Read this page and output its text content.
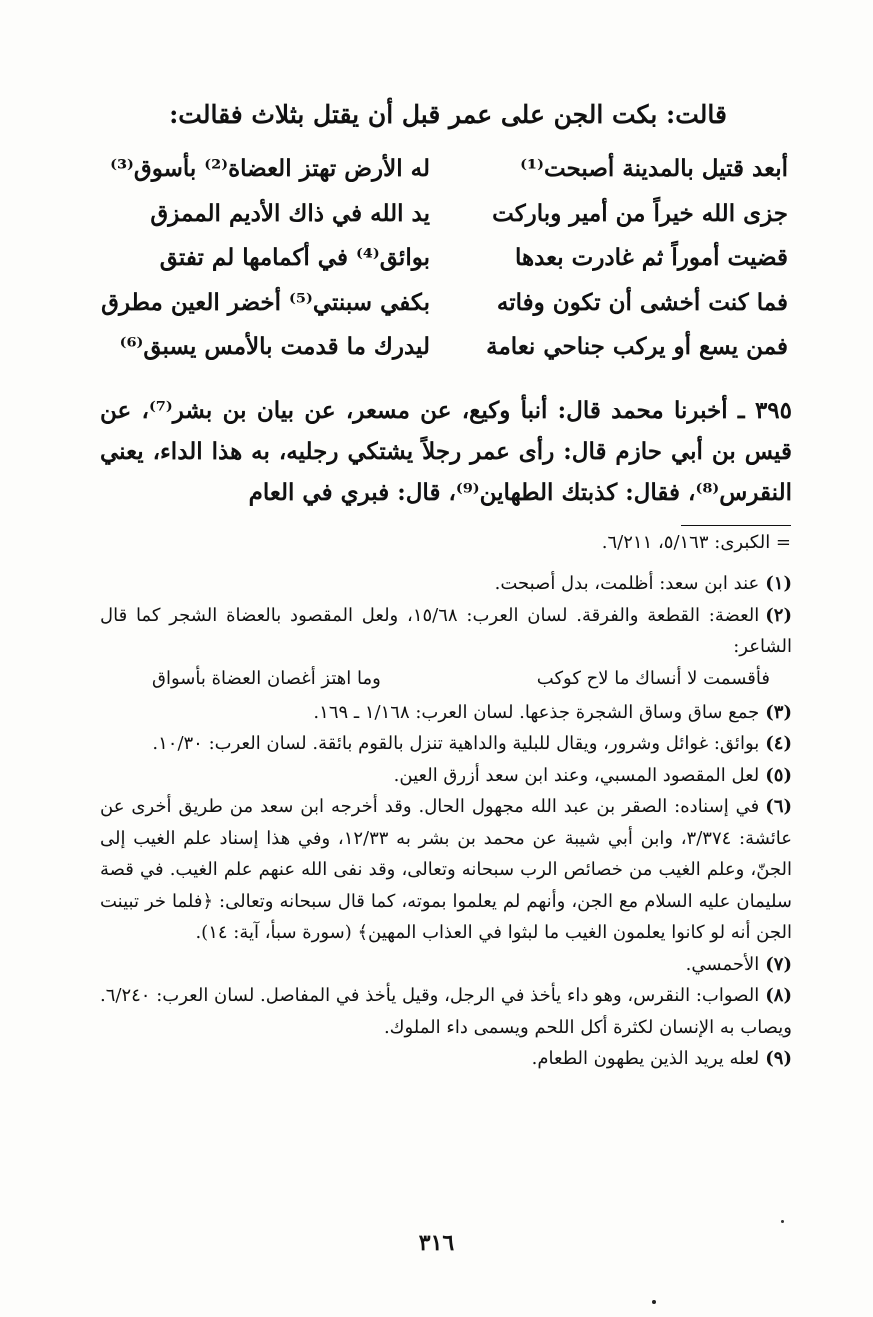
قالت: بكت الجن على عمر قبل أن يقتل بثلاث فقالت:
أبعد قتيل بالمدينة أصبحت⁽¹⁾
له الأرض تهتز العضاة⁽²⁾ بأسوق⁽³⁾
جزى الله خيراً من أمير وباركت
يد الله في ذاك الأديم الممزق
قضيت أموراً ثم غادرت بعدها
بوائق⁽⁴⁾ في أكمامها لم تفتق
فما كنت أخشى أن تكون وفاته
بكفي سبنتي⁽⁵⁾ أخضر العين مطرق
فمن يسع أو يركب جناحي نعامة
ليدرك ما قدمت بالأمس يسبق⁽⁶⁾

٣٩٥ ـ أخبرنا محمد قال: أنبأ وكيع، عن مسعر، عن بيان بن بشر⁽⁷⁾، عن قيس بن أبي حازم قال: رأى عمر رجلاً يشتكي رجليه، به هذا الداء، يعني النقرس⁽⁸⁾، فقال: كذبتك الطهاين⁽⁹⁾، قال: فبري في العام

= الكبرى: ٥/١٦٣، ٦/٢١١.

(١)عند ابن سعد: أظلمت، بدل أصبحت.

(٢)العضة: القطعة والفرقة. لسان العرب: ١٥/٦٨، ولعل المقصود بالعضاة الشجر كما قال الشاعر:

فأقسمت لا أنساك ما لاح كوكب
وما اهتز أغصان العضاة بأسواق

(٣)جمع ساق وساق الشجرة جذعها. لسان العرب: ١/١٦٨ ـ ١٦٩.

(٤)بوائق: غوائل وشرور، ويقال للبلية والداهية تنزل بالقوم بائقة. لسان العرب: ١٠/٣٠.

(٥)لعل المقصود المسبي، وعند ابن سعد أزرق العين.

(٦)في إسناده: الصقر بن عبد الله مجهول الحال. وقد أخرجه ابن سعد من طريق أخرى عن عائشة: ٣/٣٧٤، وابن أبي شيبة عن محمد بن بشر به ١٢/٣٣، وفي هذا إسناد علم الغيب إلى الجنّ، وعلم الغيب من خصائص الرب سبحانه وتعالى، وقد نفى الله عنهم علم الغيب. في قصة سليمان عليه السلام مع الجن، وأنهم لم يعلموا بموته، كما قال سبحانه وتعالى: ﴿فلما خر تبينت الجن أنه لو كانوا يعلمون الغيب ما لبثوا في العذاب المهين﴾ (سورة سبأ، آية: ١٤).

(٧)الأحمسي.

(٨)الصواب: النقرس، وهو داء يأخذ في الرجل، وقيل يأخذ في المفاصل. لسان العرب: ٦/٢٤٠. ويصاب به الإنسان لكثرة أكل اللحم ويسمى داء الملوك.

(٩)لعله يريد الذين يطهون الطعام.

٣١٦
